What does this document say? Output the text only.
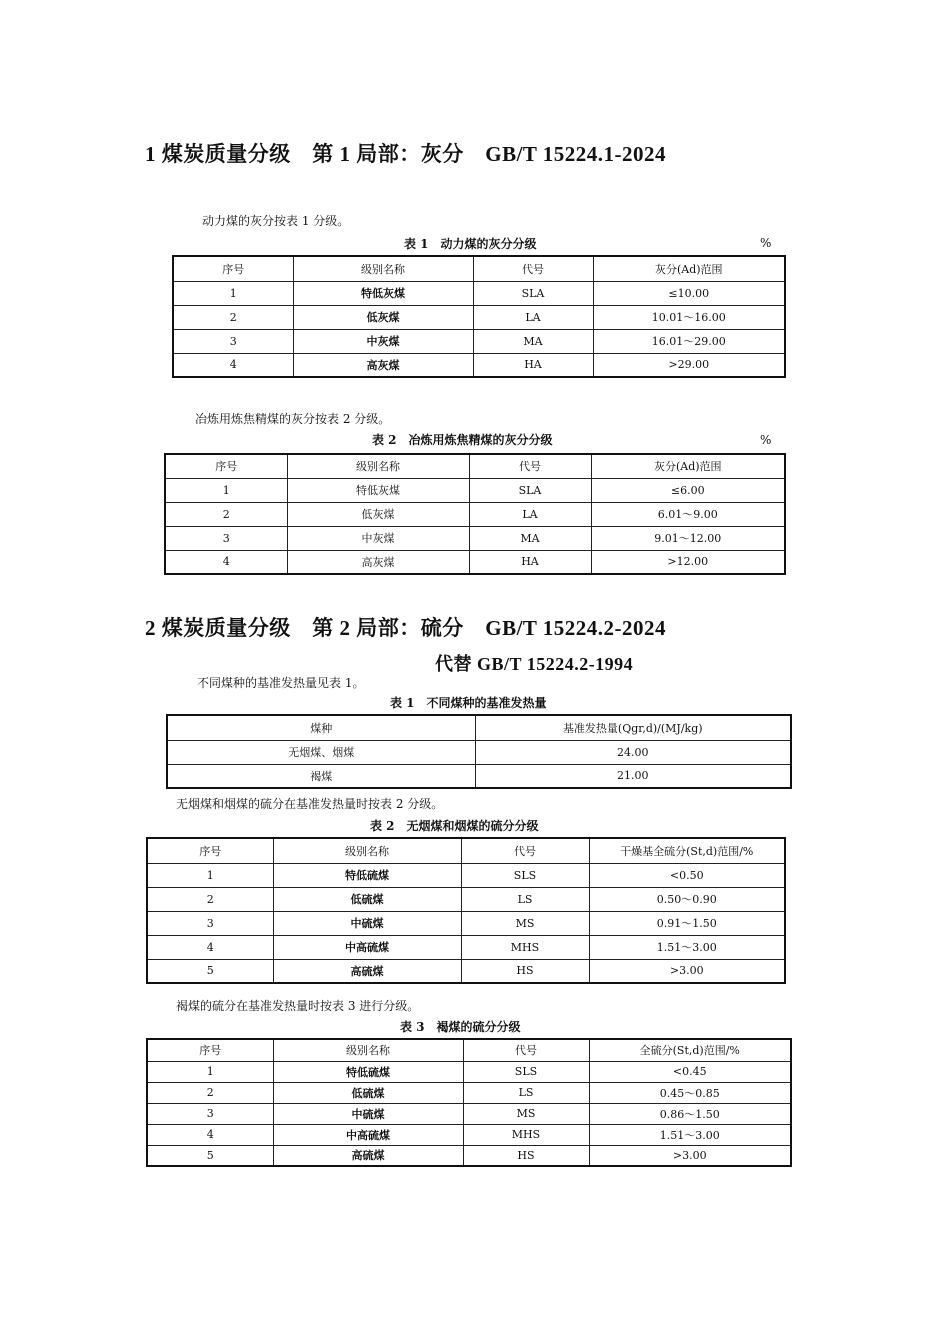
1 煤炭质量分级　第 1 局部：灰分　GB/T 15224.1-2024
动力煤的灰分按表 1 分级。
表 1　动力煤的灰分分级	%
序号	级别名称	代号	灰分(Ad)范围
1	特低灰煤	SLA	≤10.00
2	低灰煤	LA	10.01～16.00
3	中灰煤	MA	16.01～29.00
4	高灰煤	HA	>29.00
冶炼用炼焦精煤的灰分按表 2 分级。
表 2　冶炼用炼焦精煤的灰分分级	%
序号	级别名称	代号	灰分(Ad)范围
1	特低灰煤	SLA	≤6.00
2	低灰煤	LA	6.01～9.00
3	中灰煤	MA	9.01～12.00
4	高灰煤	HA	>12.00
2 煤炭质量分级　第 2 局部：硫分　GB/T 15224.2-2024
代替 GB/T 15224.2-1994
不同煤种的基准发热量见表 1。
表 1　不同煤种的基准发热量
煤种	基准发热量(Qgr,d)/(MJ/kg)
无烟煤、烟煤	24.00
褐煤	21.00
无烟煤和烟煤的硫分在基准发热量时按表 2 分级。
表 2　无烟煤和烟煤的硫分分级
序号	级别名称	代号	干燥基全硫分(St,d)范围/%
1	特低硫煤	SLS	<0.50
2	低硫煤	LS	0.50～0.90
3	中硫煤	MS	0.91～1.50
4	中高硫煤	MHS	1.51～3.00
5	高硫煤	HS	>3.00
褐煤的硫分在基准发热量时按表 3 进行分级。
表 3　褐煤的硫分分级
序号	级别名称	代号	全硫分(St,d)范围/%
1	特低硫煤	SLS	<0.45
2	低硫煤	LS	0.45～0.85
3	中硫煤	MS	0.86～1.50
4	中高硫煤	MHS	1.51～3.00
5	高硫煤	HS	>3.00
